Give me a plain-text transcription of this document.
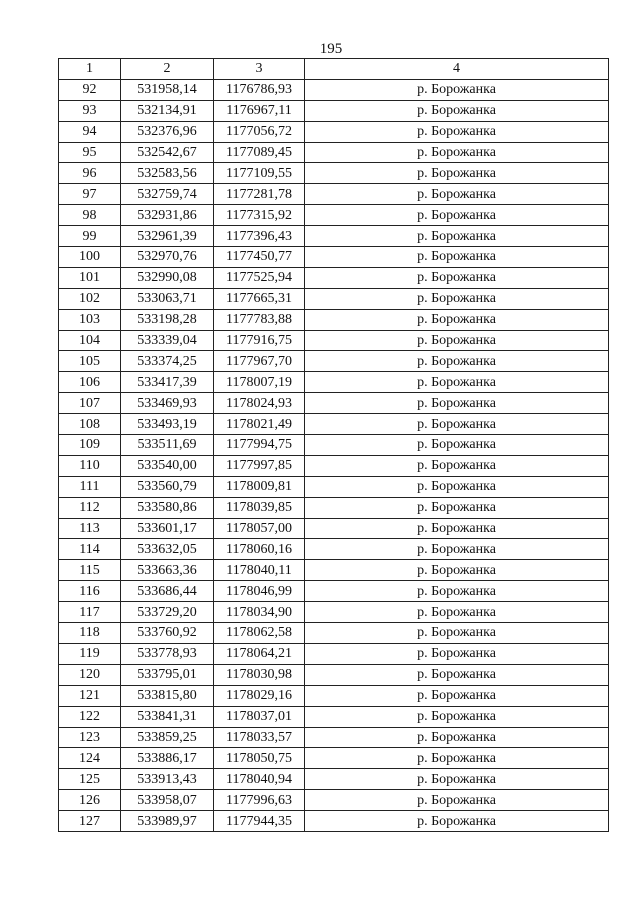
195
1	2	3	4
92	531958,14	1176786,93	р. Борожанка
93	532134,91	1176967,11	р. Борожанка
94	532376,96	1177056,72	р. Борожанка
95	532542,67	1177089,45	р. Борожанка
96	532583,56	1177109,55	р. Борожанка
97	532759,74	1177281,78	р. Борожанка
98	532931,86	1177315,92	р. Борожанка
99	532961,39	1177396,43	р. Борожанка
100	532970,76	1177450,77	р. Борожанка
101	532990,08	1177525,94	р. Борожанка
102	533063,71	1177665,31	р. Борожанка
103	533198,28	1177783,88	р. Борожанка
104	533339,04	1177916,75	р. Борожанка
105	533374,25	1177967,70	р. Борожанка
106	533417,39	1178007,19	р. Борожанка
107	533469,93	1178024,93	р. Борожанка
108	533493,19	1178021,49	р. Борожанка
109	533511,69	1177994,75	р. Борожанка
110	533540,00	1177997,85	р. Борожанка
111	533560,79	1178009,81	р. Борожанка
112	533580,86	1178039,85	р. Борожанка
113	533601,17	1178057,00	р. Борожанка
114	533632,05	1178060,16	р. Борожанка
115	533663,36	1178040,11	р. Борожанка
116	533686,44	1178046,99	р. Борожанка
117	533729,20	1178034,90	р. Борожанка
118	533760,92	1178062,58	р. Борожанка
119	533778,93	1178064,21	р. Борожанка
120	533795,01	1178030,98	р. Борожанка
121	533815,80	1178029,16	р. Борожанка
122	533841,31	1178037,01	р. Борожанка
123	533859,25	1178033,57	р. Борожанка
124	533886,17	1178050,75	р. Борожанка
125	533913,43	1178040,94	р. Борожанка
126	533958,07	1177996,63	р. Борожанка
127	533989,97	1177944,35	р. Борожанка
